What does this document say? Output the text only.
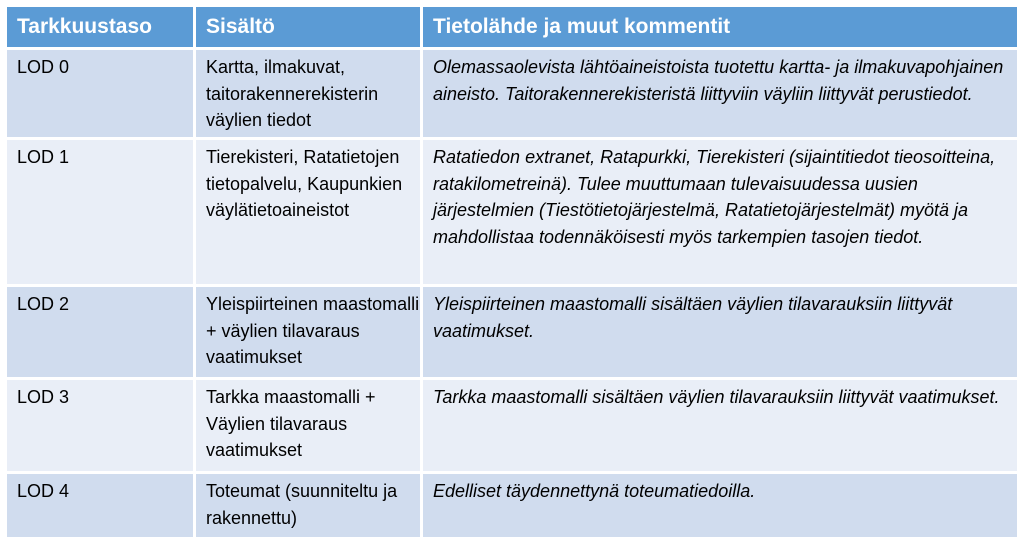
Tarkkuustaso	Sisältö	Tietolähde ja muut kommentit
LOD 0	Kartta, ilmakuvat, taitorakennerekisterin väylien tiedot	Olemassaolevista lähtöaineistoista tuotettu kartta- ja ilmakuvapohjainen aineisto. Taitorakennerekisteristä liittyviin väyliin liittyvät perustiedot.
LOD 1	Tierekisteri, Ratatietojen tietopalvelu, Kaupunkien väylätietoaineistot	Ratatiedon extranet, Ratapurkki, Tierekisteri (sijaintitiedot tieosoitteina, ratakilometreinä). Tulee muuttumaan tulevaisuudessa uusien järjestelmien (Tiestötietojärjestelmä, Ratatietojärjestelmät) myötä ja mahdollistaa todennäköisesti myös tarkempien tasojen tiedot.
LOD 2	Yleispiirteinen maastomalli + väylien tilavaraus vaatimukset	Yleispiirteinen maastomalli sisältäen väylien tilavarauksiin liittyvät vaatimukset.
LOD 3	Tarkka maastomalli + Väylien tilavaraus vaatimukset	Tarkka maastomalli sisältäen väylien tilavarauksiin liittyvät vaatimukset.
LOD 4	Toteumat (suunniteltu ja rakennettu)	Edelliset täydennettynä toteumatiedoilla.
